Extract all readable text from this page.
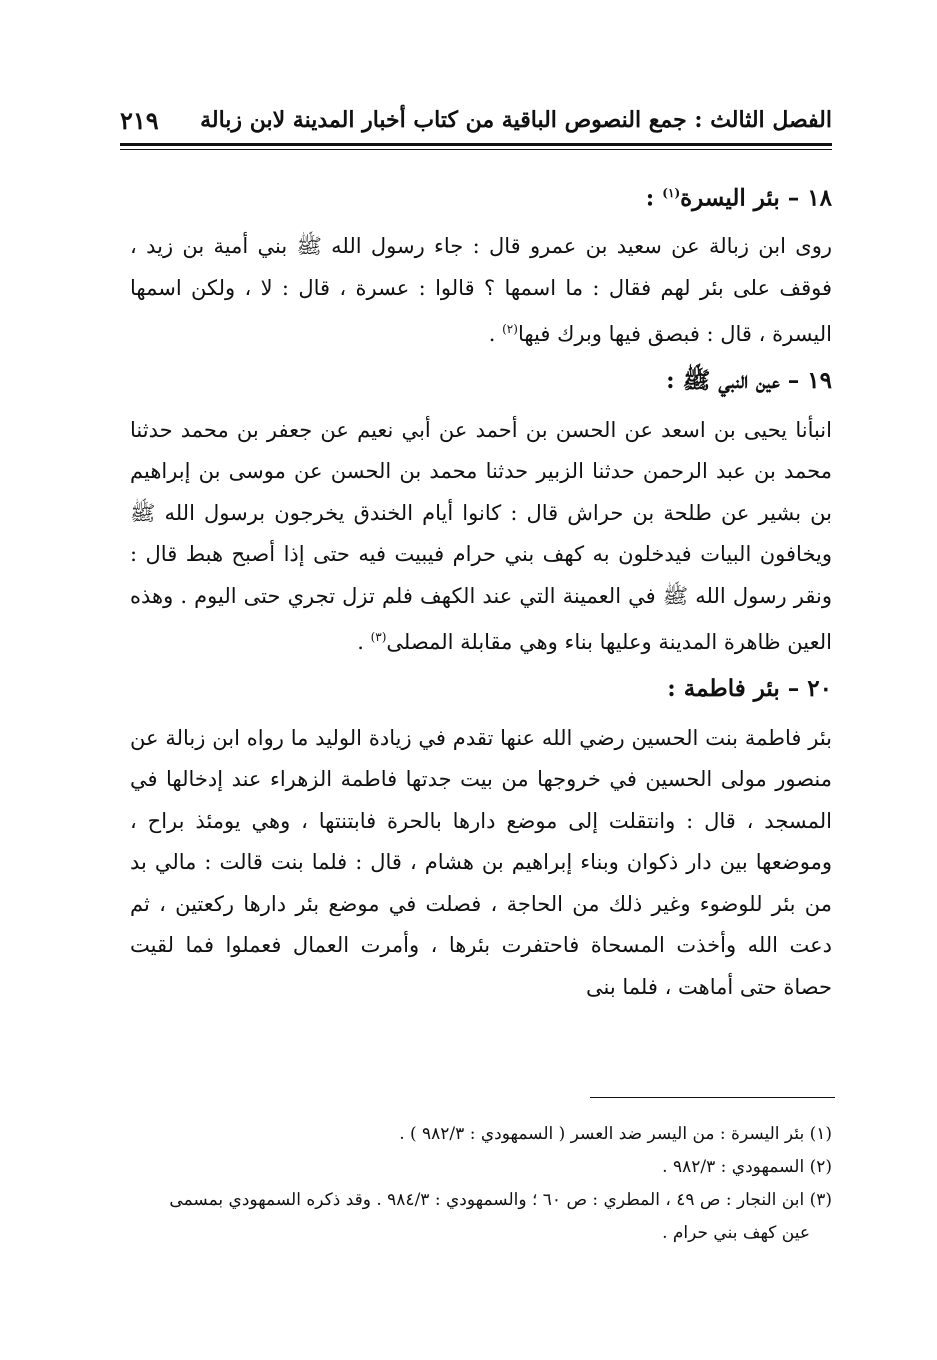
الفصل الثالث : جمع النصوص الباقية من كتاب أخبار المدينة لابن زبالة
٢١٩
١٨ – بئر اليسرة$^{(١)}$ :

روى ابن زبالة عن سعيد بن عمرو قال : جاء رسول الله ﷺ بني أمية بن زيد ، فوقف على بئر لهم فقال : ما اسمها ؟ قالوا : عسرة ، قال : لا ، ولكن اسمها اليسرة ، قال : فبصق فيها وبرك فيها$^{(٢)}$ .

١٩ – عين النبي ﷺ :

انبأنا يحيى بن اسعد عن الحسن بن أحمد عن أبي نعيم عن جعفر بن محمد حدثنا محمد بن عبد الرحمن حدثنا الزبير حدثنا محمد بن الحسن عن موسى بن إبراهيم بن بشير عن طلحة بن حراش قال : كانوا أيام الخندق يخرجون برسول الله ﷺ ويخافون البيات فيدخلون به كهف بني حرام فيبيت فيه حتى إذا أصبح هبط قال : ونقر رسول الله ﷺ في العمينة التي عند الكهف فلم تزل تجري حتى اليوم . وهذه العين ظاهرة المدينة وعليها بناء وهي مقابلة المصلى$^{(٣)}$ .

٢٠ – بئر فاطمة :

بئر فاطمة بنت الحسين رضي الله عنها تقدم في زيادة الوليد ما رواه ابن زبالة عن منصور مولى الحسين في خروجها من بيت جدتها فاطمة الزهراء عند إدخالها في المسجد ، قال : وانتقلت إلى موضع دارها بالحرة فابتنتها ، وهي يومئذ براح ، وموضعها بين دار ذكوان وبناء إبراهيم بن هشام ، قال : فلما بنت قالت : مالي بد من بئر للوضوء وغير ذلك من الحاجة ، فصلت في موضع بئر دارها ركعتين ، ثم دعت الله وأخذت المسحاة فاحتفرت بئرها ، وأمرت العمال فعملوا فما لقيت حصاة حتى أماهت ، فلما بنى

(١) بئر اليسرة : من اليسر ضد العسر ( السمهودي : ٩٨٢/٣ ) .
(٢) السمهودي : ٩٨٢/٣ .
(٣) ابن النجار : ص ٤٩ ، المطري : ص ٦٠ ؛ والسمهودي : ٩٨٤/٣ . وقد ذكره السمهودي بمسمى
عين كهف بني حرام .
